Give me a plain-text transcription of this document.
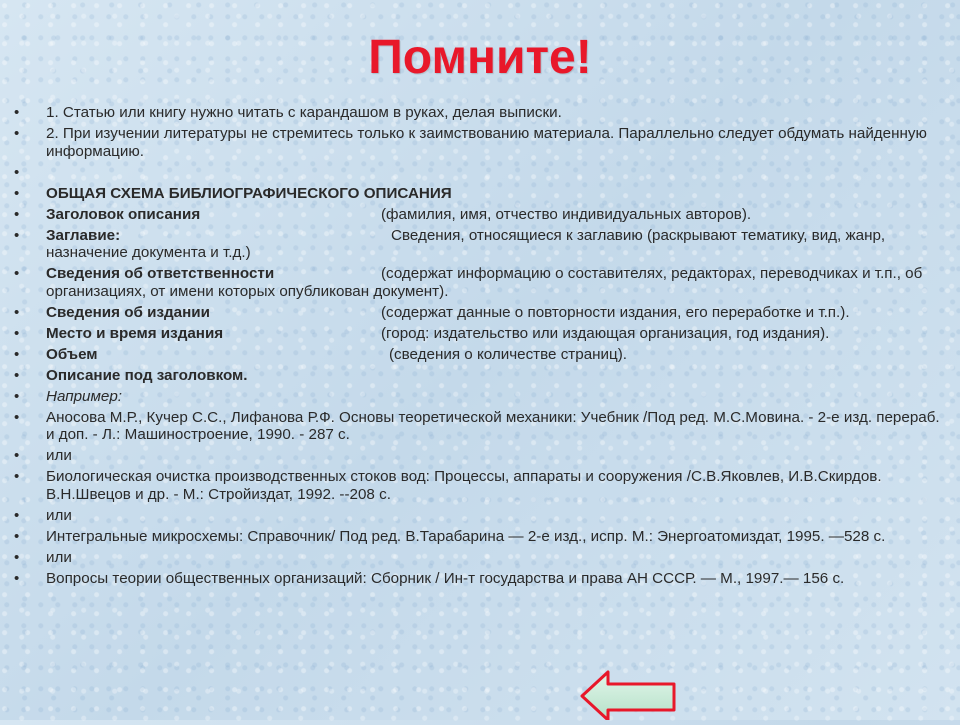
Помните!
• 1. Статью или книгу нужно читать с карандашом в руках, делая выписки.
• 2. При изучении литературы не стремитесь только к заимствованию материала. Параллельно следует обдумать найденную информацию.
•
• ОБЩАЯ СХЕМА БИБЛИОГРАФИЧЕСКОГО ОПИСАНИЯ
• Заголовок описания	(фамилия, имя, отчество индивидуальных авторов).
• Заглавие:	Сведения, относящиеся к заглавию (раскрывают тематику, вид, жанр, назначение документа и т.д.)
• Сведения об ответственности	(содержат информацию о составителях, редакторах, переводчиках и т.п., об организациях, от имени которых опубликован документ).
• Сведения об издании	(содержат данные о повторности издания, его переработке и т.п.).
• Место и время издания	(город: издательство или издающая организация, год издания).
• Объем	(сведения о количестве страниц).
• Описание под заголовком.
• Например:
• Аносова М.Р., Кучер С.С., Лифанова Р.Ф. Основы теоретической механики: Учебник /Под ред. М.С.Мовина. - 2-е изд. перераб. и доп. - Л.: Машиностроение, 1990. - 287 с.
• или
• Биологическая очистка производственных стоков вод: Процессы, аппараты и сооружения /С.В.Яковлев, И.В.Скирдов. В.Н.Швецов и др. - М.: Стройиздат, 1992. --208 с.
• или
• Интегральные микросхемы: Справочник/ Под ред. В.Тарабарина — 2-е изд., испр. М.: Энергоатомиздат, 1995. —528 с.
• или
• Вопросы теории общественных организаций: Сборник / Ин-т государства и права АН СССР. — М., 1997.— 156 с.
